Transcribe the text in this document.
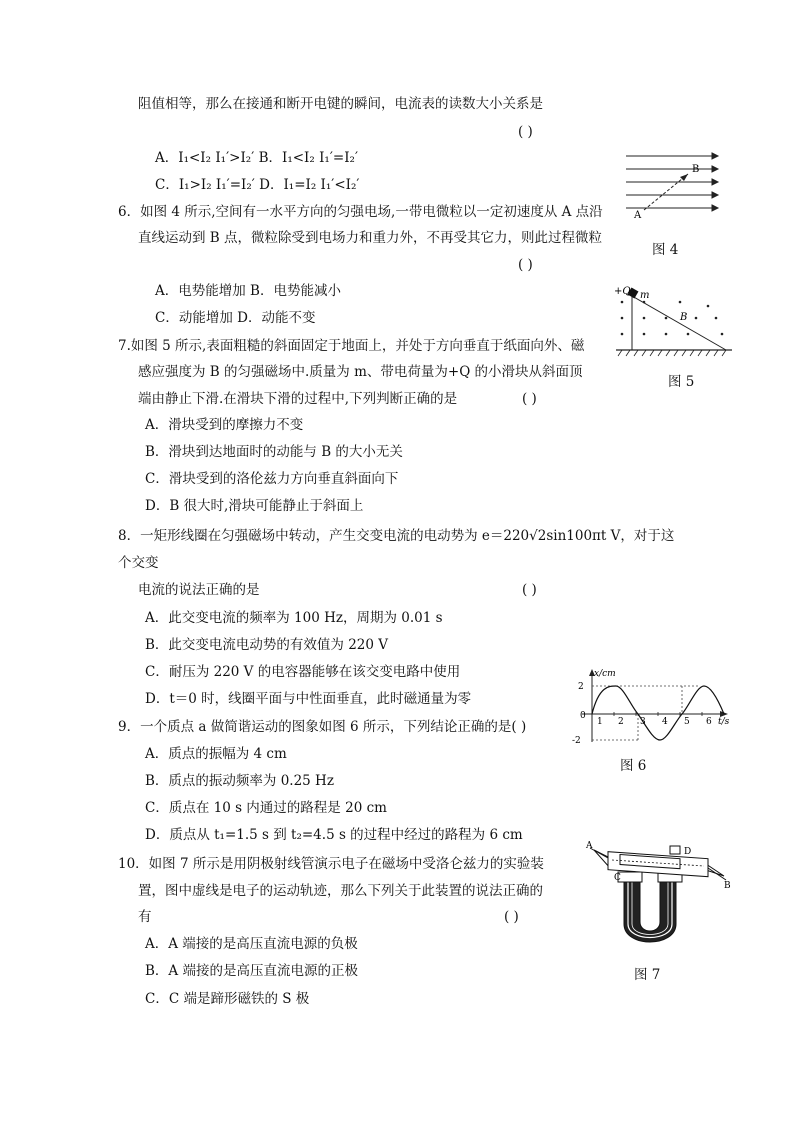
阻值相等，那么在接通和断开电键的瞬间，电流表的读数大小关系是
( )
A．I₁<I₂ I₁′>I₂′ B．I₁<I₂ I₁′=I₂′
C．I₁>I₂ I₁′=I₂′ D．I₁=I₂ I₁′<I₂′
6．如图 4 所示,空间有一水平方向的匀强电场,一带电微粒以一定初速度从 A 点沿
直线运动到 B 点，微粒除受到电场力和重力外，不再受其它力，则此过程微粒
( )
A．电势能增加 B．电势能减小
C．动能增加 D．动能不变
A
B
图 4
7.如图 5 所示,表面粗糙的斜面固定于地面上，并处于方向垂直于纸面向外、磁
感应强度为 B 的匀强磁场中.质量为 m、带电荷量为+Q 的小滑块从斜面顶
端由静止下滑.在滑块下滑的过程中,下列判断正确的是	( )
A．滑块受到的摩擦力不变
B．滑块到达地面时的动能与 B 的大小无关
C．滑块受到的洛伦兹力方向垂直斜面向下
D．B 很大时,滑块可能静止于斜面上
+Q m
B
图 5
8．一矩形线圈在匀强磁场中转动，产生交变电流的电动势为 e＝220√2sin100πt V，对于这
个交变
电流的说法正确的是	( )
A．此交变电流的频率为 100 Hz，周期为 0.01 s
B．此交变电流电动势的有效值为 220 V
C．耐压为 220 V 的电容器能够在该交变电路中使用
D．t＝0 时，线圈平面与中性面垂直，此时磁通量为零
9．一个质点 a 做简谐运动的图象如图 6 所示，下列结论正确的是( )
A．质点的振幅为 4 cm
B．质点的振动频率为 0.25 Hz
C．质点在 10 s 内通过的路程是 20 cm
D．质点从 t₁=1.5 s 到 t₂=4.5 s 的过程中经过的路程为 6 cm
x/cm
t/s
2
0
-2
1 2 3 4 5 6
图 6
10．如图 7 所示是用阴极射线管演示电子在磁场中受洛仑兹力的实验装
置，图中虚线是电子的运动轨迹，那么下列关于此装置的说法正确的
有	( )
A．A 端接的是高压直流电源的负极
B．A 端接的是高压直流电源的正极
C．C 端是蹄形磁铁的 S 极
A
B
C
D
图 7
